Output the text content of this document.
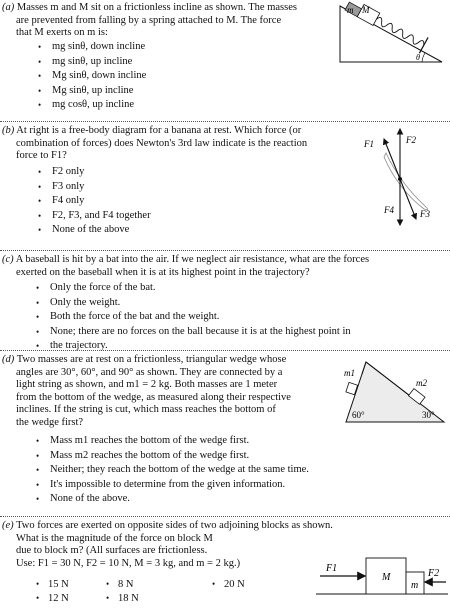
(a) Masses m and M sit on a frictionless incline as shown. The masses
are prevented from falling by a spring attached to M. The force
that M exerts on m is:
• mg sinθ, down incline
• mg sinθ, up incline
• Mg sinθ, down incline
• Mg sinθ, up incline
• mg cosθ, up incline
m M
θ
(b) At right is a free-body diagram for a banana at rest. Which force (or
combination of forces) does Newton's 3rd law indicate is the reaction
force to F1?
• F2 only
• F3 only
• F4 only
• F2, F3, and F4 together
• None of the above
F1	F2
F4	F3
(c) A baseball is hit by a bat into the air. If we neglect air resistance, what are the forces
exerted on the baseball when it is at its highest point in the trajectory?
• Only the force of the bat.
• Only the weight.
• Both the force of the bat and the weight.
• None; there are no forces on the ball because it is at the highest point in
• the trajectory.
(d) Two masses are at rest on a frictionless, triangular wedge whose
angles are 30°, 60°, and 90° as shown. They are connected by a
light string as shown, and m1 = 2 kg. Both masses are 1 meter
from the bottom of the wedge, as measured along their respective
inclines. If the string is cut, which mass reaches the bottom of
the wedge first?
• Mass m1 reaches the bottom of the wedge first.
• Mass m2 reaches the bottom of the wedge first.
• Neither; they reach the bottom of the wedge at the same time.
• It's impossible to determine from the given information.
• None of the above.
m1
m2
60°	30°
(e) Two forces are exerted on opposite sides of two adjoining blocks as shown.
What is the magnitude of the force on block M
due to block m? (All surfaces are frictionless.
Use: F1 = 30 N, F2 = 10 N, M = 3 kg, and m = 2 kg.)
• 15 N	• 8 N	• 20 N
• 12 N	• 18 N
F1	F2
M
m
